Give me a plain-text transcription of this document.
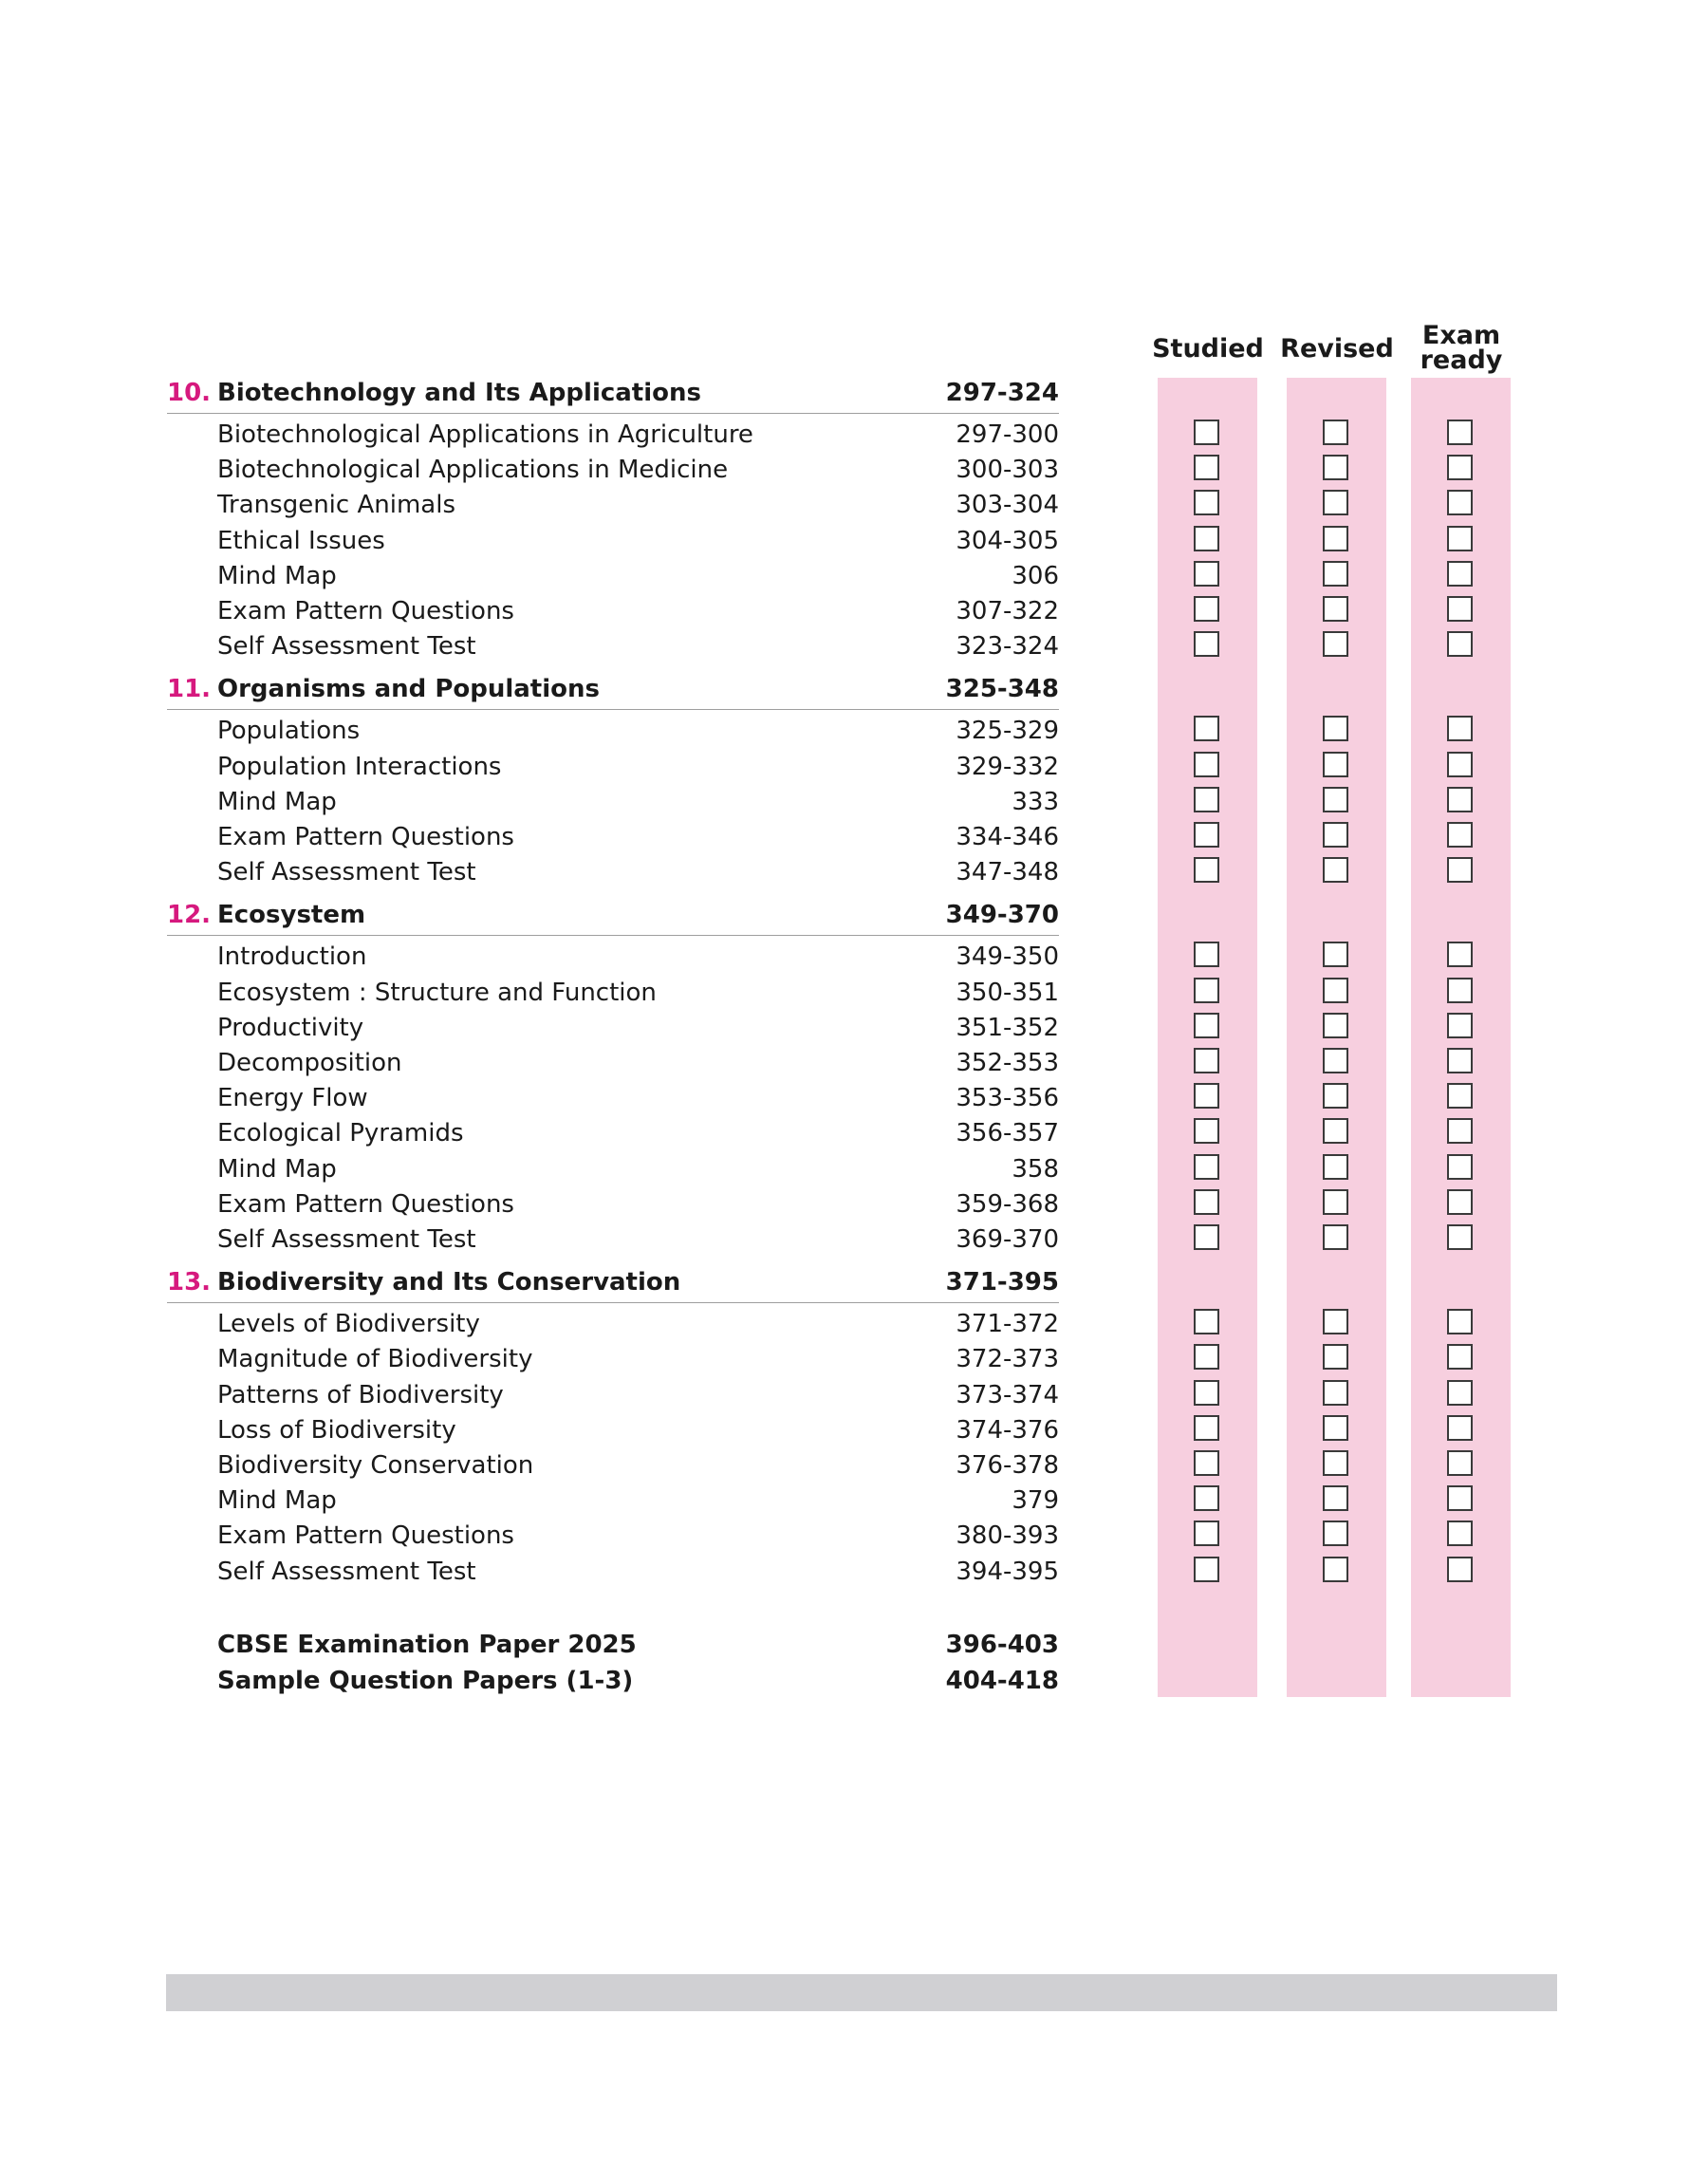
Studied Revised	Exam
ready
10. Biotechnology and Its Applications	297-324
Biotechnological Applications in Agriculture	297-300
Biotechnological Applications in Medicine	300-303
Transgenic Animals	303-304
Ethical Issues	304-305
Mind Map	306
Exam Pattern Questions	307-322
Self Assessment Test	323-324
11. Organisms and Populations	325-348
Populations	325-329
Population Interactions	329-332
Mind Map	333
Exam Pattern Questions	334-346
Self Assessment Test	347-348
12. Ecosystem	349-370
Introduction	349-350
Ecosystem : Structure and Function	350-351
Productivity	351-352
Decomposition	352-353
Energy Flow	353-356
Ecological Pyramids	356-357
Mind Map	358
Exam Pattern Questions	359-368
Self Assessment Test	369-370
13. Biodiversity and Its Conservation	371-395
Levels of Biodiversity	371-372
Magnitude of Biodiversity	372-373
Patterns of Biodiversity	373-374
Loss of Biodiversity	374-376
Biodiversity Conservation	376-378
Mind Map	379
Exam Pattern Questions	380-393
Self Assessment Test	394-395
CBSE Examination Paper 2025	396-403
Sample Question Papers (1-3)	404-418
